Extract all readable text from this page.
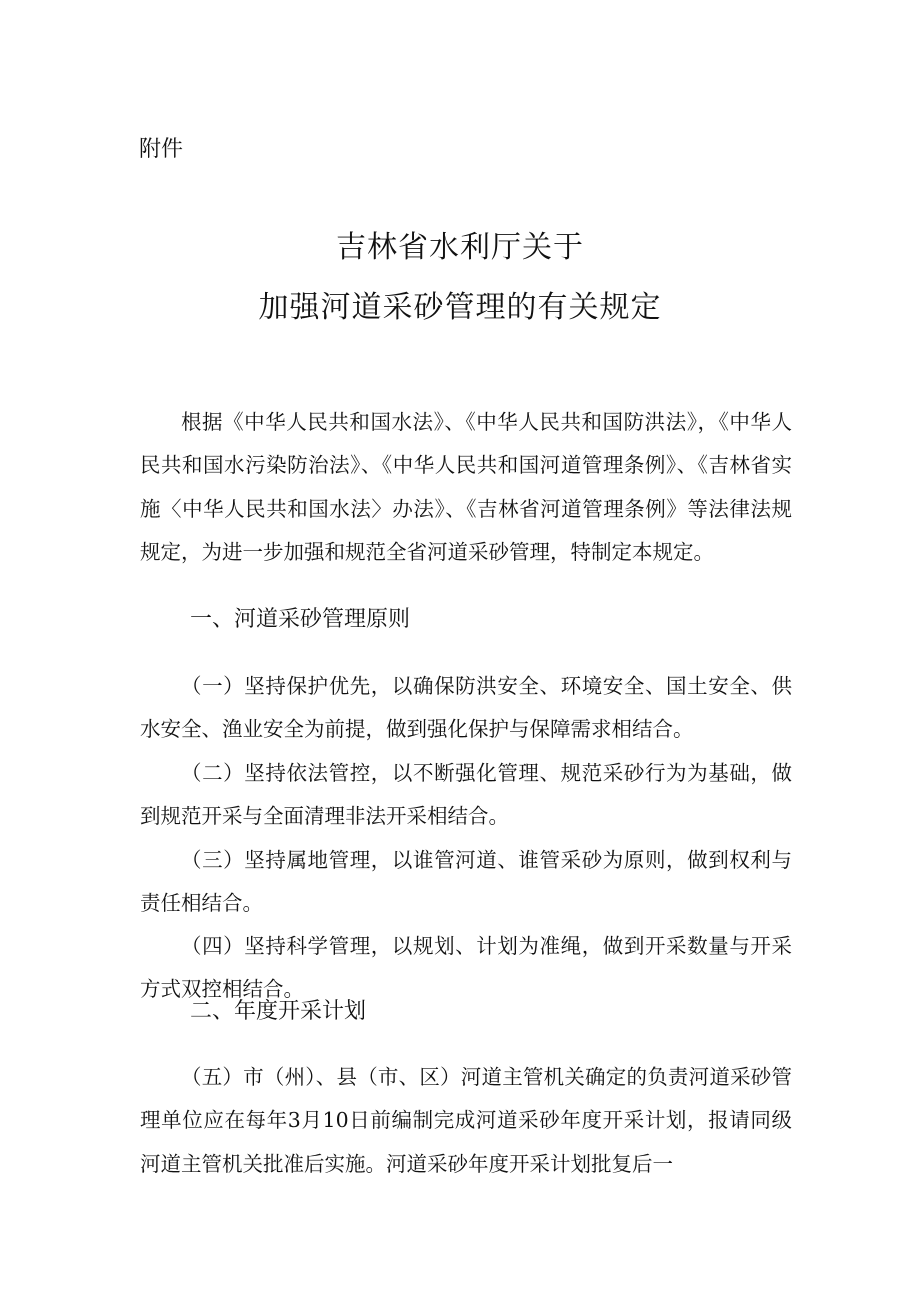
附件
吉林省水利厅关于
加强河道采砂管理的有关规定

根据《中华人民共和国水法》、《中华人民共和国防洪法》，《中华人民共和国水污染防治法》、《中华人民共和国河道管理条例》、《吉林省实施〈中华人民共和国水法〉办法》、《吉林省河道管理条例》等法律法规规定，为进一步加强和规范全省河道采砂管理，特制定本规定。

一、河道采砂管理原则

（一）坚持保护优先，以确保防洪安全、环境安全、国土安全、供水安全、渔业安全为前提，做到强化保护与保障需求相结合。

（二）坚持依法管控，以不断强化管理、规范采砂行为为基础，做到规范开采与全面清理非法开采相结合。

（三）坚持属地管理，以谁管河道、谁管采砂为原则，做到权利与责任相结合。

（四）坚持科学管理，以规划、计划为准绳，做到开采数量与开采方式双控相结合。

二、年度开采计划

（五）市（州）、县（市、区）河道主管机关确定的负责河道采砂管理单位应在每年3月10日前编制完成河道采砂年度开采计划，报请同级河道主管机关批准后实施。河道采砂年度开采计划批复后一
